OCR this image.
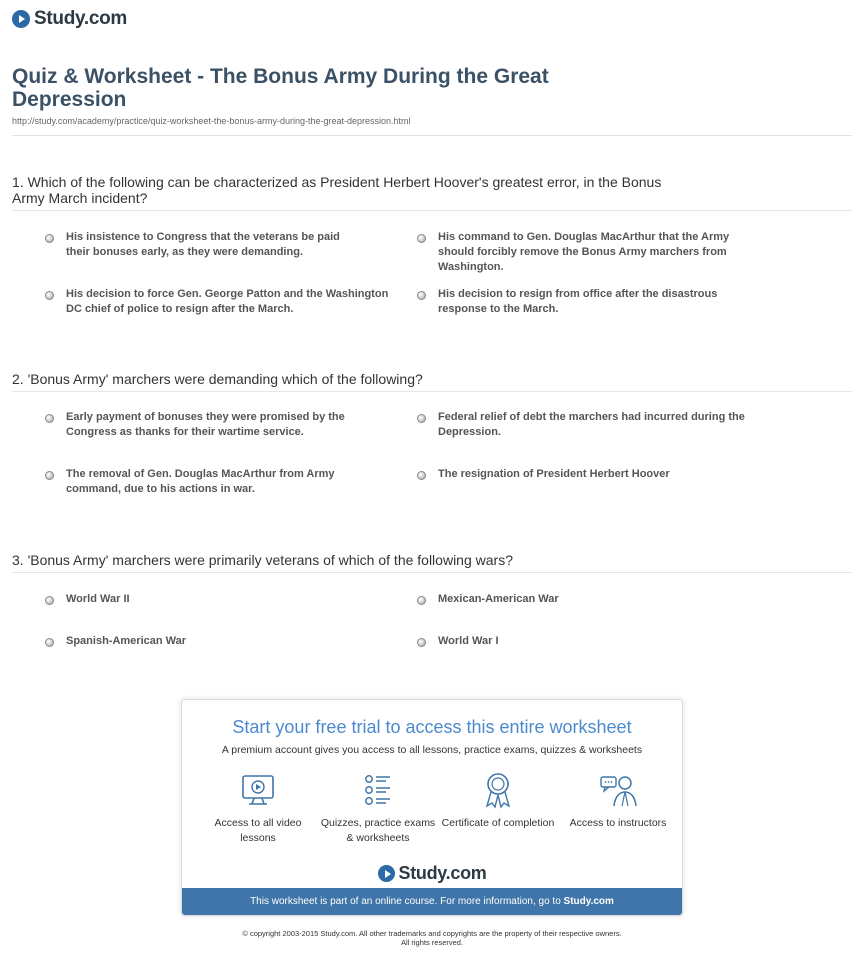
Study.com
Quiz & Worksheet - The Bonus Army During the Great Depression
http://study.com/academy/practice/quiz-worksheet-the-bonus-army-during-the-great-depression.html

1. Which of the following can be characterized as President Herbert Hoover's greatest error, in the Bonus Army March incident?

His insistence to Congress that the veterans be paid their bonuses early, as they were demanding.
His command to Gen. Douglas MacArthur that the Army should forcibly remove the Bonus Army marchers from Washington.
His decision to force Gen. George Patton and the Washington DC chief of police to resign after the March.
His decision to resign from office after the disastrous response to the March.

2. 'Bonus Army' marchers were demanding which of the following?

Early payment of bonuses they were promised by the Congress as thanks for their wartime service.
Federal relief of debt the marchers had incurred during the Depression.
The removal of Gen. Douglas MacArthur from Army command, due to his actions in war.
The resignation of President Herbert Hoover

3. 'Bonus Army' marchers were primarily veterans of which of the following wars?

World War II	Mexican-American War
Spanish-American War	World War I
Start your free trial to access this entire worksheet
A premium account gives you access to all lessons, practice exams, quizzes & worksheets
Access to all video lessons
Quizzes, practice exams & worksheets
Certificate of completion	Access to instructors
Study.com
This worksheet is part of an online course. For more information, go to Study.com
© copyright 2003-2015 Study.com. All other trademarks and copyrights are the property of their respective owners.
All rights reserved.
